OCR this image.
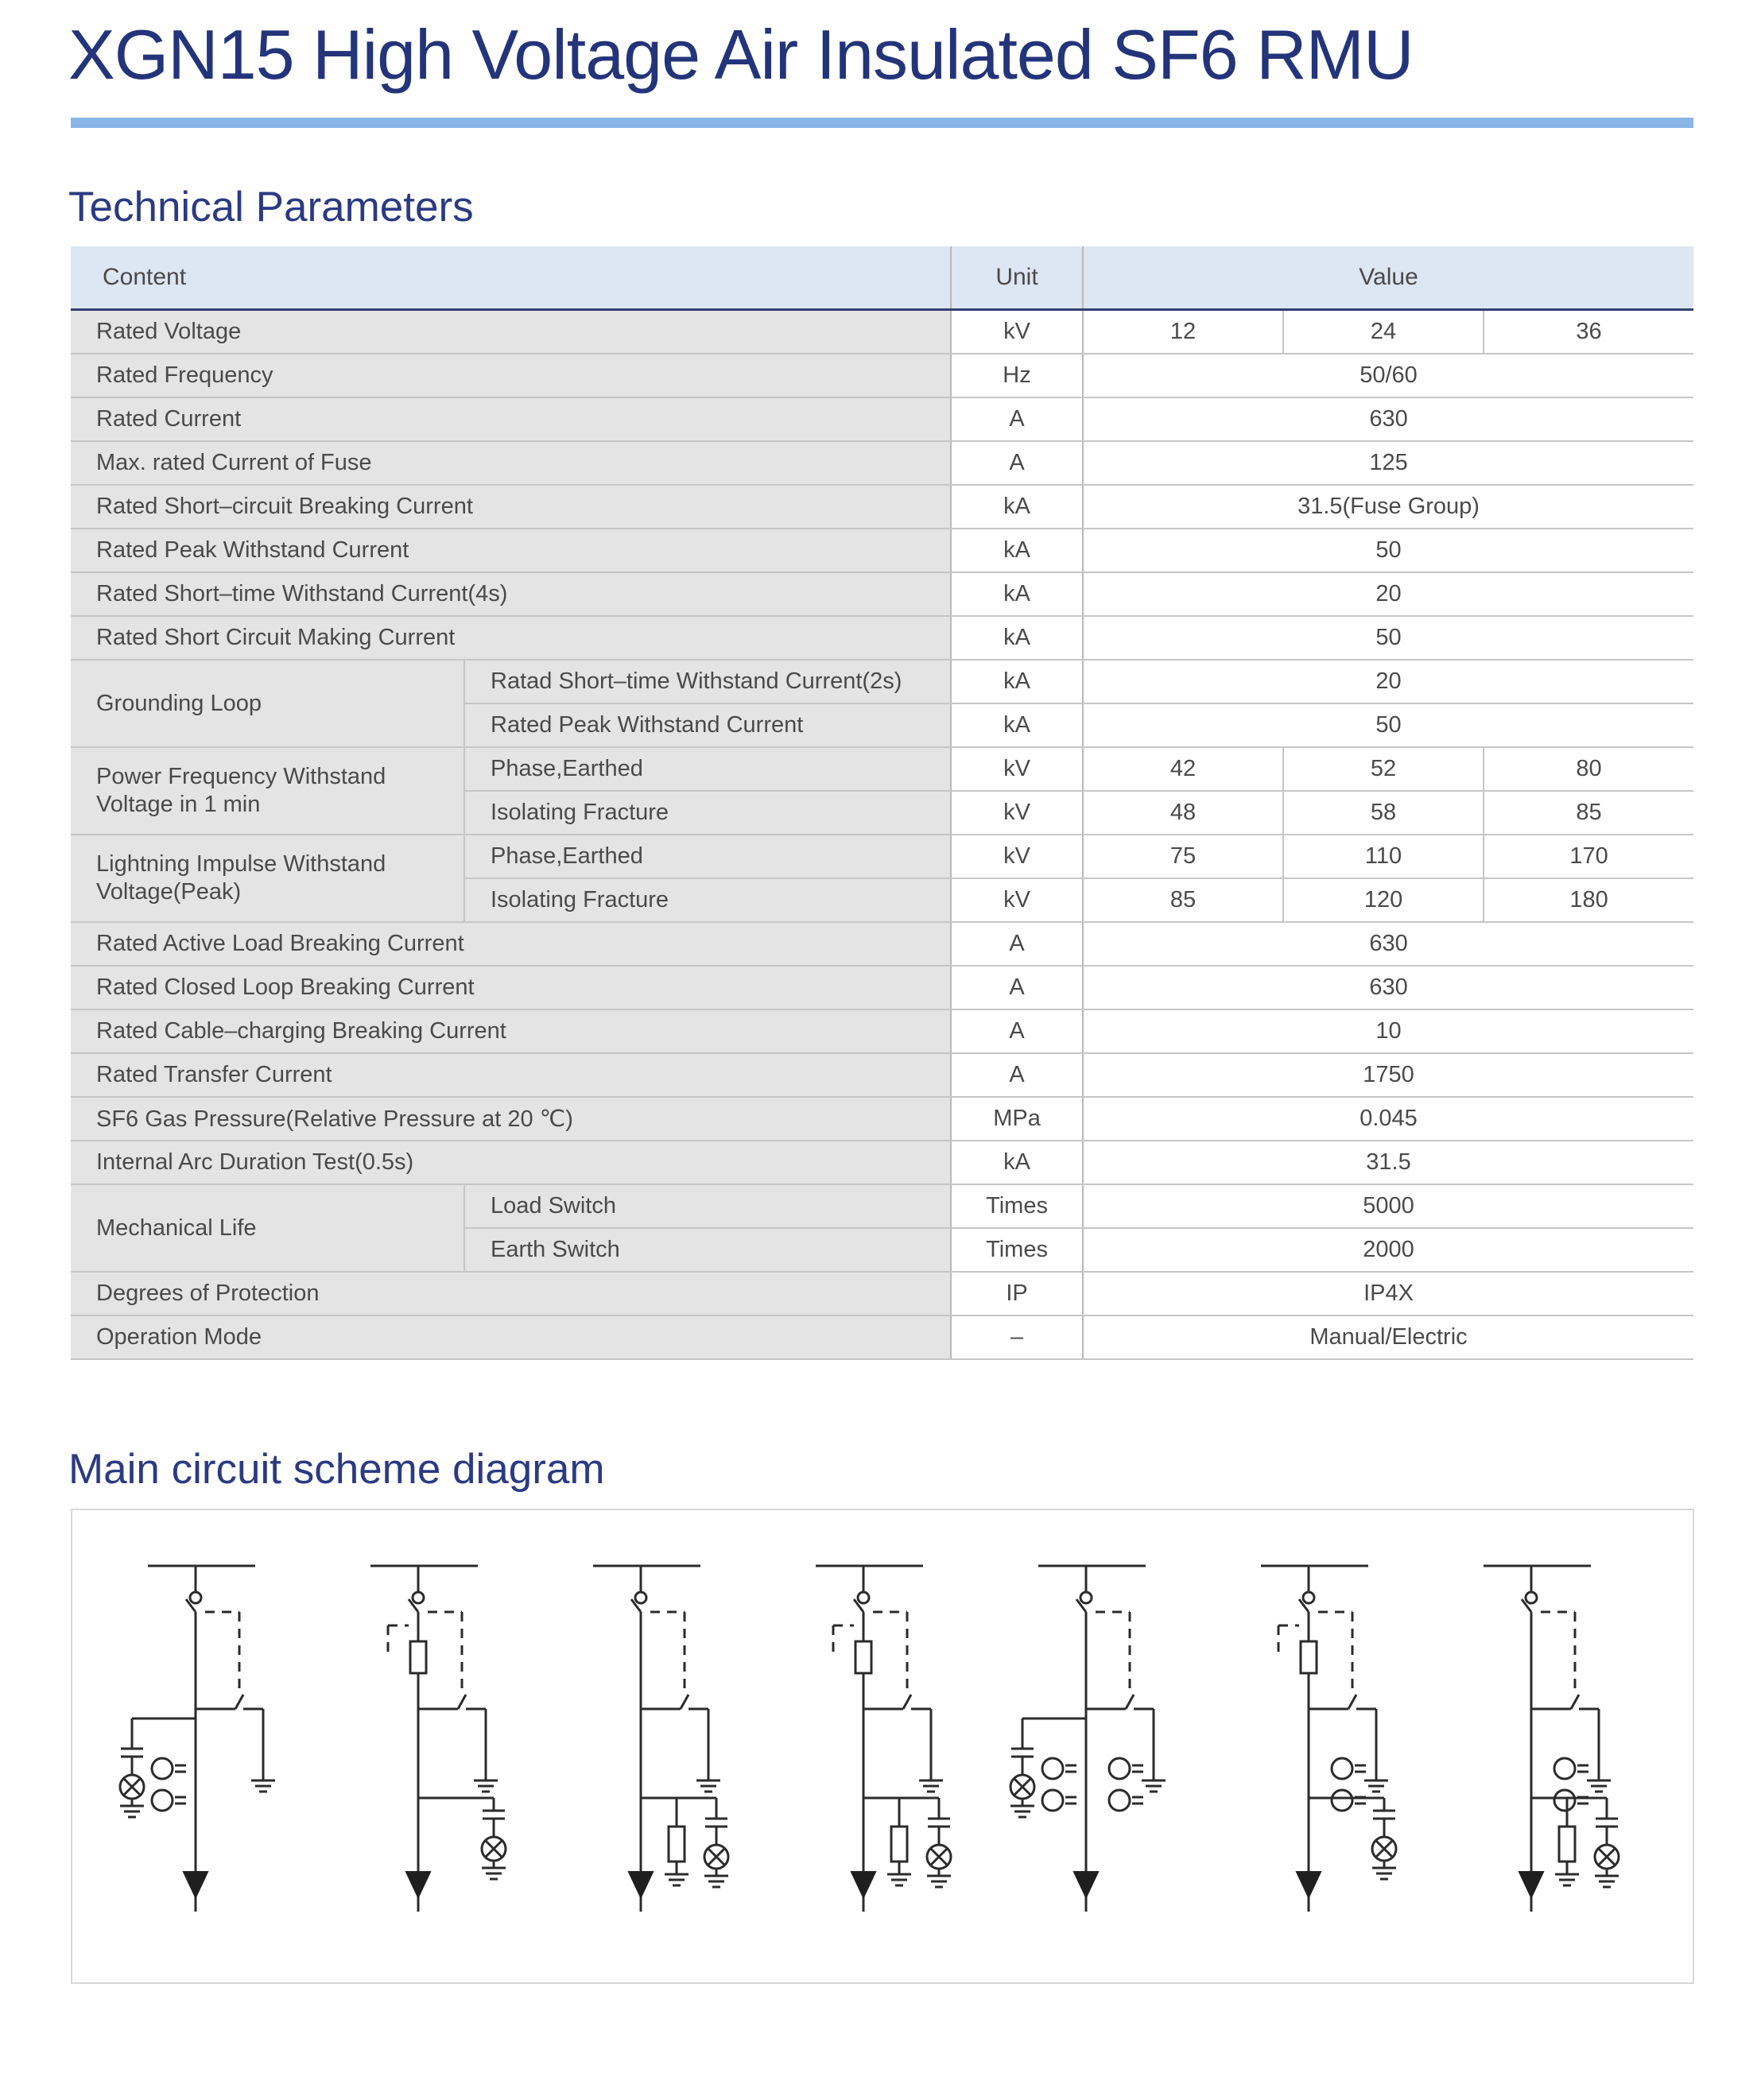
XGN15 High Voltage Air Insulated SF6 RMU
Technical Parameters
Content		Unit	Value		
Rated Voltage		kV	12	24	36
Rated Frequency		Hz	50/60		
Rated Current		A	630		
Max. rated Current of Fuse		A	125		
Rated Short–circuit Breaking Current		kA	31.5(Fuse Group)		
Rated Peak Withstand Current		kA	50		
Rated Short–time Withstand Current(4s)		kA	20		
Rated Short Circuit Making Current		kA	50		
Grounding Loop	Ratad Short–time Withstand Current(2s)	kA	20		
	Rated Peak Withstand Current	kA	50		
Power Frequency Withstand Voltage in 1 min	Phase,Earthed	kV	42	52	80
	Isolating Fracture	kV	48	58	85
Lightning Impulse Withstand Voltage(Peak)	Phase,Earthed	kV	75	110	170
	Isolating Fracture	kV	85	120	180
Rated Active Load Breaking Current		A	630		
Rated Closed Loop Breaking Current		A	630		
Rated Cable–charging Breaking Current		A	10		
Rated Transfer Current		A	1750		
SF6 Gas Pressure(Relative Pressure at 20 ℃)		MPa	0.045		
Internal Arc Duration Test(0.5s)		kA	31.5		
Mechanical Life	Load Switch	Times	5000		
	Earth Switch	Times	2000		
Degrees of Protection		IP	IP4X		
Operation Mode		–	Manual/Electric		
Main circuit scheme diagram
